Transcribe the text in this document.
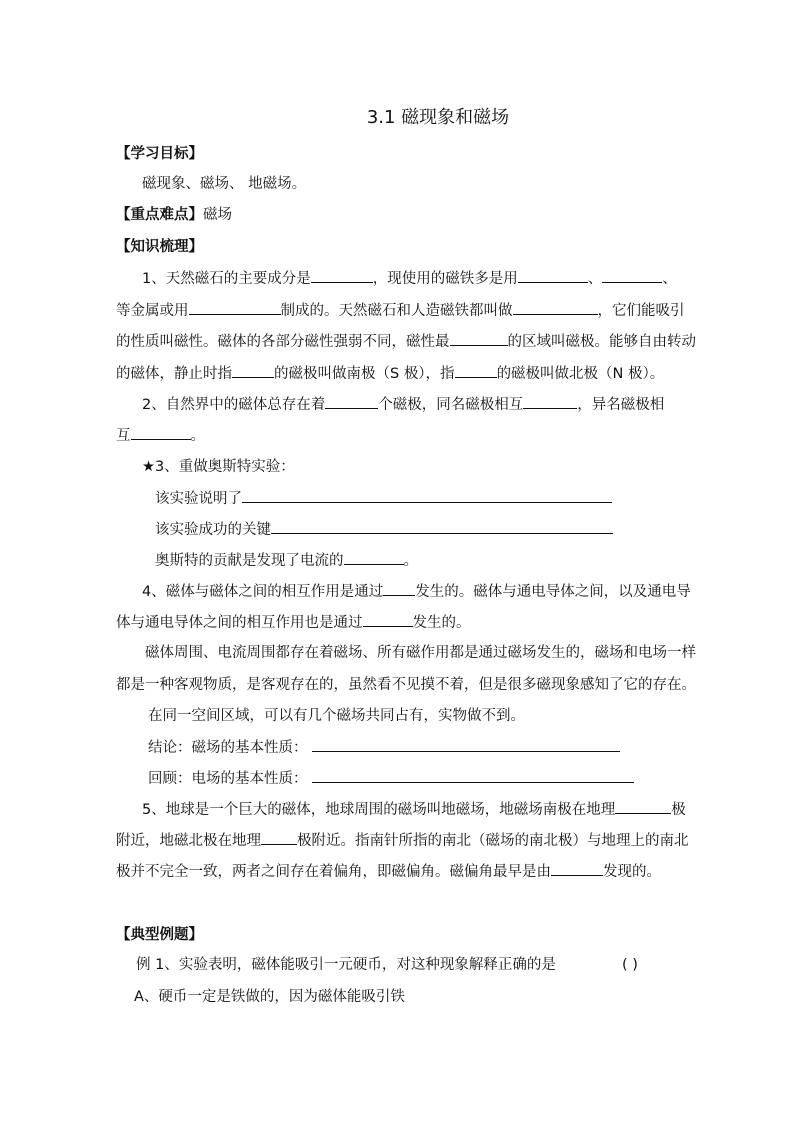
3.1 磁现象和磁场
【学习目标】
磁现象、磁场、 地磁场。
【重点难点】磁场
【知识梳理】
1、天然磁石的主要成分是	，现使用的磁铁多是用	、	、
等金属或用	制成的。天然磁石和人造磁铁都叫做	，它们能吸引
的性质叫磁性。磁体的各部分磁性强弱不同，磁性最	的区域叫磁极。能够自由转动
的磁体，静止时指	的磁极叫做南极（S 极），指	的磁极叫做北极（N 极）。
2、自然界中的磁体总存在着	个磁极，同名磁极相互	，异名磁极相
互	。
★3、重做奥斯特实验：
该实验说明了
该实验成功的关键
奥斯特的贡献是发现了电流的	。
4、磁体与磁体之间的相互作用是通过 发生的。磁体与通电导体之间，以及通电导
体与通电导体之间的相互作用也是通过	发生的。
磁体周围、电流周围都存在着磁场、所有磁作用都是通过磁场发生的，磁场和电场一样
都是一种客观物质，是客观存在的，虽然看不见摸不着，但是很多磁现象感知了它的存在。
在同一空间区域，可以有几个磁场共同占有，实物做不到。
结论：磁场的基本性质：
回顾：电场的基本性质：
5、地球是一个巨大的磁体，地球周围的磁场叫地磁场，地磁场南极在地理	极
附近，地磁北极在地理 极附近。指南针所指的南北（磁场的南北极）与地理上的南北
极并不完全一致，两者之间存在着偏角，即磁偏角。磁偏角最早是由	发现的。
【典型例题】
例 1、实验表明，磁体能吸引一元硬币，对这种现象解释正确的是	( )
A、硬币一定是铁做的，因为磁体能吸引铁
